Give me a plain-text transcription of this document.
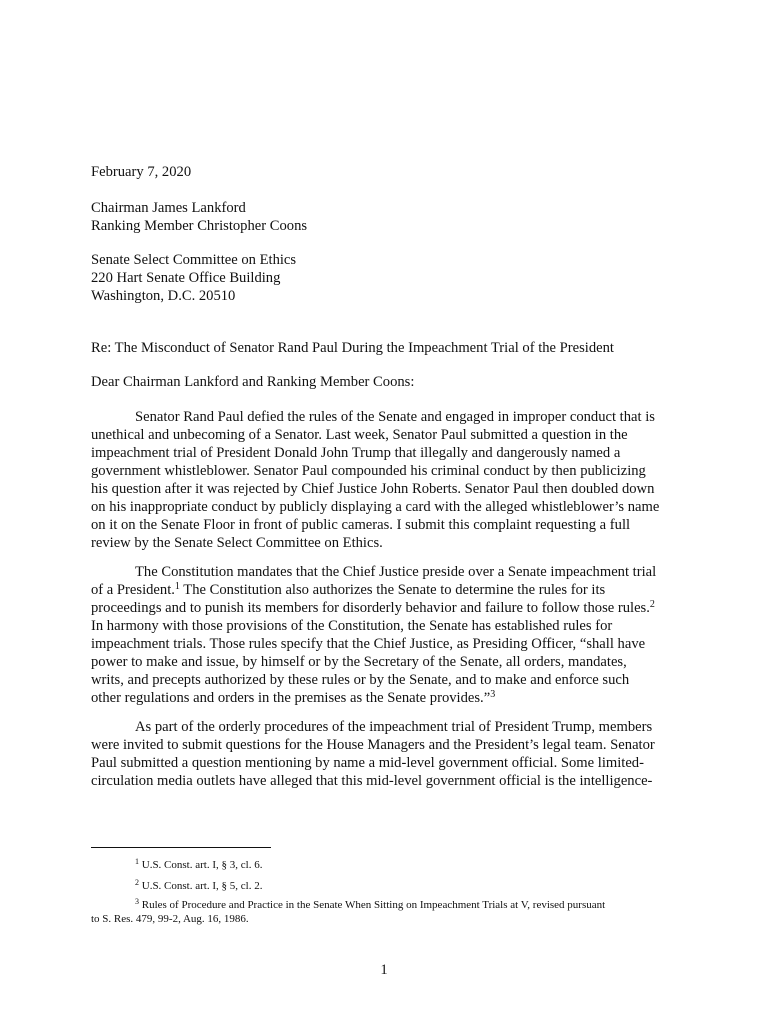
February 7, 2020
Chairman James Lankford
Ranking Member Christopher Coons
Senate Select Committee on Ethics
220 Hart Senate Office Building
Washington, D.C. 20510
Re: The Misconduct of Senator Rand Paul During the Impeachment Trial of the President
Dear Chairman Lankford and Ranking Member Coons:
Senator Rand Paul defied the rules of the Senate and engaged in improper conduct that is
unethical and unbecoming of a Senator. Last week, Senator Paul submitted a question in the
impeachment trial of President Donald John Trump that illegally and dangerously named a
government whistleblower. Senator Paul compounded his criminal conduct by then publicizing
his question after it was rejected by Chief Justice John Roberts. Senator Paul then doubled down
on his inappropriate conduct by publicly displaying a card with the alleged whistleblower’s name
on it on the Senate Floor in front of public cameras. I submit this complaint requesting a full
review by the Senate Select Committee on Ethics.
The Constitution mandates that the Chief Justice preside over a Senate impeachment trial
of a President.$^1$ The Constitution also authorizes the Senate to determine the rules for its
proceedings and to punish its members for disorderly behavior and failure to follow those rules.$^2$
In harmony with those provisions of the Constitution, the Senate has established rules for
impeachment trials. Those rules specify that the Chief Justice, as Presiding Officer, “shall have
power to make and issue, by himself or by the Secretary of the Senate, all orders, mandates,
writs, and precepts authorized by these rules or by the Senate, and to make and enforce such
other regulations and orders in the premises as the Senate provides.”$^3$
As part of the orderly procedures of the impeachment trial of President Trump, members
were invited to submit questions for the House Managers and the President’s legal team. Senator
Paul submitted a question mentioning by name a mid-level government official. Some limited-
circulation media outlets have alleged that this mid-level government official is the intelligence-
$^1$ U.S. Const. art. I, § 3, cl. 6.
$^2$ U.S. Const. art. I, § 5, cl. 2.
$^3$ Rules of Procedure and Practice in the Senate When Sitting on Impeachment Trials at V, revised pursuant
to S. Res. 479, 99-2, Aug. 16, 1986.
1
